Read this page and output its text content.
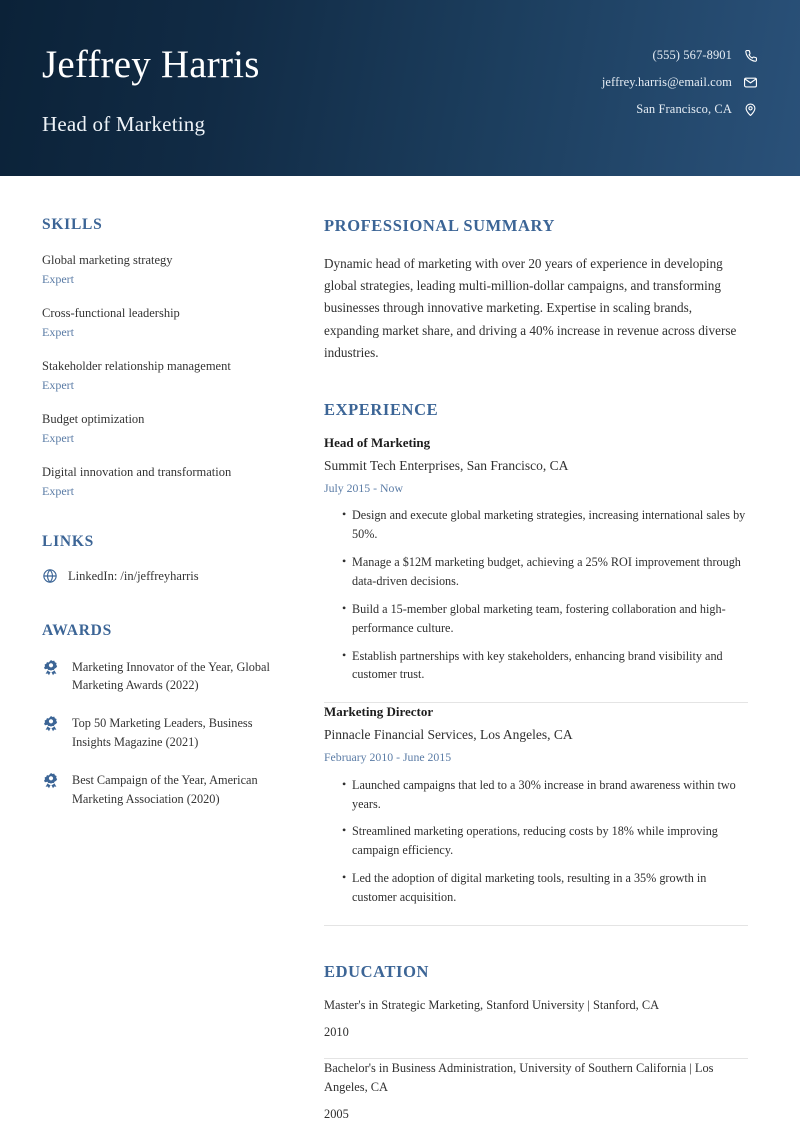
Jeffrey Harris
Head of Marketing
(555) 567-8901
jeffrey.harris@email.com
San Francisco, CA
SKILLS
Global marketing strategy
Expert
Cross-functional leadership
Expert
Stakeholder relationship management
Expert
Budget optimization
Expert
Digital innovation and transformation
Expert
LINKS
LinkedIn: /in/jeffreyharris
AWARDS
Marketing Innovator of the Year, Global Marketing Awards (2022)
Top 50 Marketing Leaders, Business Insights Magazine (2021)
Best Campaign of the Year, American Marketing Association (2020)
PROFESSIONAL SUMMARY

Dynamic head of marketing with over 20 years of experience in developing global strategies, leading multi-million-dollar campaigns, and transforming businesses through innovative marketing. Expertise in scaling brands, expanding market share, and driving a 40% increase in revenue across diverse industries.

EXPERIENCE
Head of Marketing
Summit Tech Enterprises, San Francisco, CA
July 2015 - Now
• Design and execute global marketing strategies, increasing international sales by 50%.
• Manage a $12M marketing budget, achieving a 25% ROI improvement through data-driven decisions.
• Build a 15-member global marketing team, fostering collaboration and high-performance culture.
• Establish partnerships with key stakeholders, enhancing brand visibility and customer trust.
Marketing Director
Pinnacle Financial Services, Los Angeles, CA
February 2010 - June 2015
• Launched campaigns that led to a 30% increase in brand awareness within two years.
• Streamlined marketing operations, reducing costs by 18% while improving campaign efficiency.
• Led the adoption of digital marketing tools, resulting in a 35% growth in customer acquisition.
EDUCATION
Master's in Strategic Marketing, Stanford University | Stanford, CA
2010
Bachelor's in Business Administration, University of Southern California | Los Angeles, CA
2005
